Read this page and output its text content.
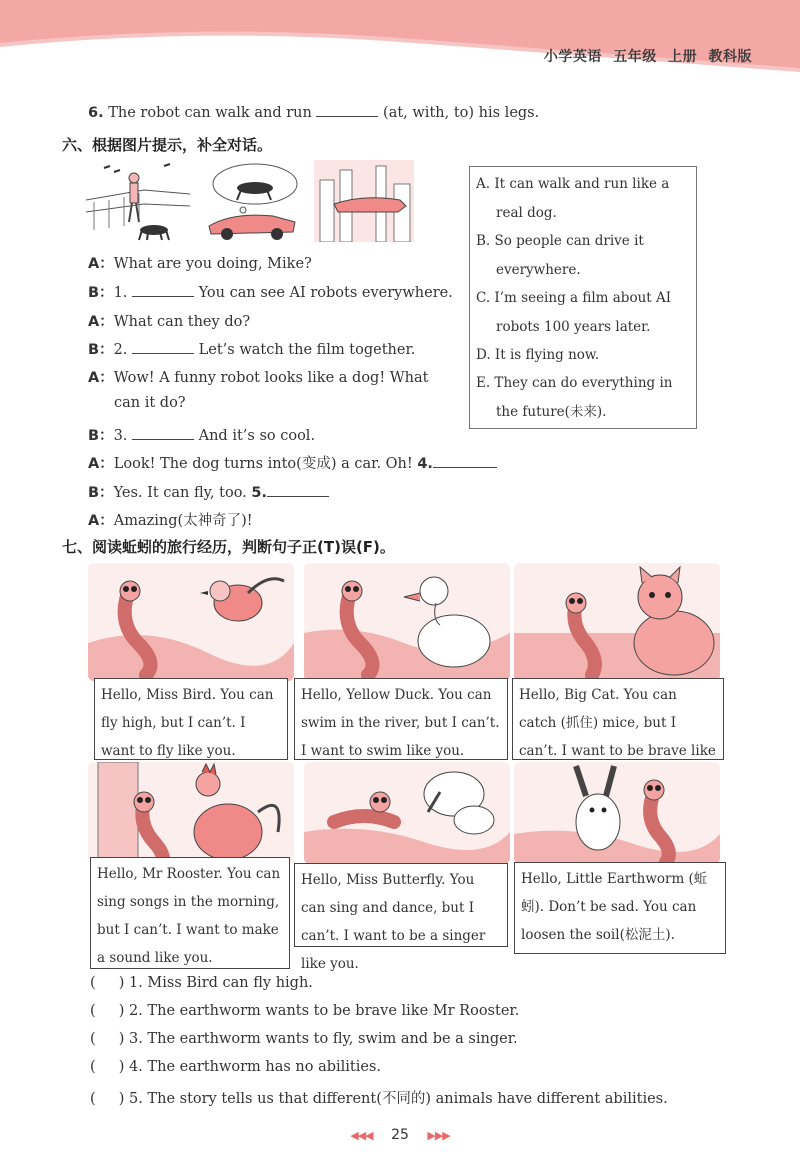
小学英语 五年级 上册 教科版
6. The robot can walk and run	(at, with, to) his legs.
六、根据图片提示，补全对话。
A：What are you doing, Mike?
B：1.	You can see AI robots everywhere.
A：What can they do?
B：2.	Let’s watch the film together.
A：Wow! A funny robot looks like a dog! What
can it do?
B：3.	And it’s so cool.
A：Look! The dog turns into(变成) a car. Oh! 4.
B：Yes. It can fly, too. 5.
A：Amazing(太神奇了)!
A. It can walk and run like a
real dog.
B. So people can drive it
everywhere.
C. I’m seeing a film about AI
robots 100 years later.
D. It is flying now.
E. They can do everything in
the future(未来).
七、阅读蚯蚓的旅行经历，判断句子正(T)误(F)。
Hello, Miss Bird. You can fly high, but I can’t. I want to fly like you.
Hello, Yellow Duck. You can swim in the river, but I can’t. I want to swim like you.
Hello, Big Cat. You can catch (抓住) mice, but I can’t. I want to be brave like
Hello, Mr Rooster. You can sing songs in the morning, but I can’t. I want to make a sound like you.
Hello, Miss Butterfly. You can sing and dance, but I can’t. I want to be a singer like you.
Hello, Little Earthworm (蚯蚓). Don’t be sad. You can loosen the soil(松泥土).
(     ) 1. Miss Bird can fly high.
(     ) 2. The earthworm wants to be brave like Mr Rooster.
(     ) 3. The earthworm wants to fly, swim and be a singer.
(     ) 4. The earthworm has no abilities.
(     ) 5. The story tells us that different(不同的) animals have different abilities.
◀◀◀ 25 ▶▶▶
